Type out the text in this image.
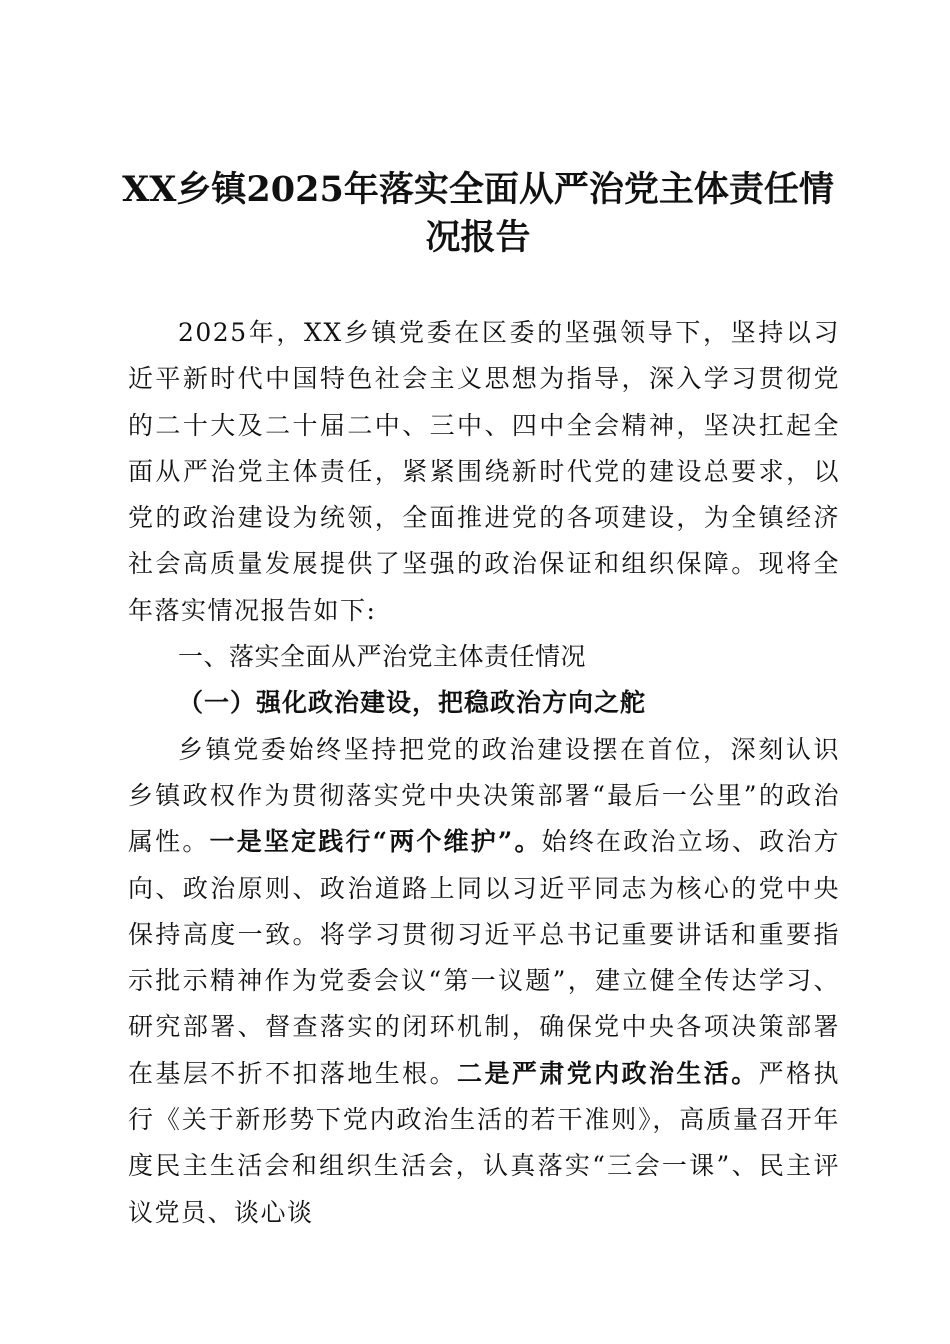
XX乡镇2025年落实全面从严治党主体责任情况报告

2025年，XX乡镇党委在区委的坚强领导下，坚持以习近平新时代中国特色社会主义思想为指导，深入学习贯彻党的二十大及二十届二中、三中、四中全会精神，坚决扛起全面从严治党主体责任，紧紧围绕新时代党的建设总要求，以党的政治建设为统领，全面推进党的各项建设，为全镇经济社会高质量发展提供了坚强的政治保证和组织保障。现将全年落实情况报告如下:

一、落实全面从严治党主体责任情况

（一）强化政治建设，把稳政治方向之舵

乡镇党委始终坚持把党的政治建设摆在首位，深刻认识乡镇政权作为贯彻落实党中央决策部署“最后一公里”的政治属性。一是坚定践行“两个维护”。始终在政治立场、政治方向、政治原则、政治道路上同以习近平同志为核心的党中央保持高度一致。将学习贯彻习近平总书记重要讲话和重要指示批示精神作为党委会议“第一议题”，建立健全传达学习、研究部署、督查落实的闭环机制，确保党中央各项决策部署在基层不折不扣落地生根。二是严肃党内政治生活。严格执行《关于新形势下党内政治生活的若干准则》，高质量召开年度民主生活会和组织生活会，认真落实“三会一课”、民主评议党员、谈心谈
